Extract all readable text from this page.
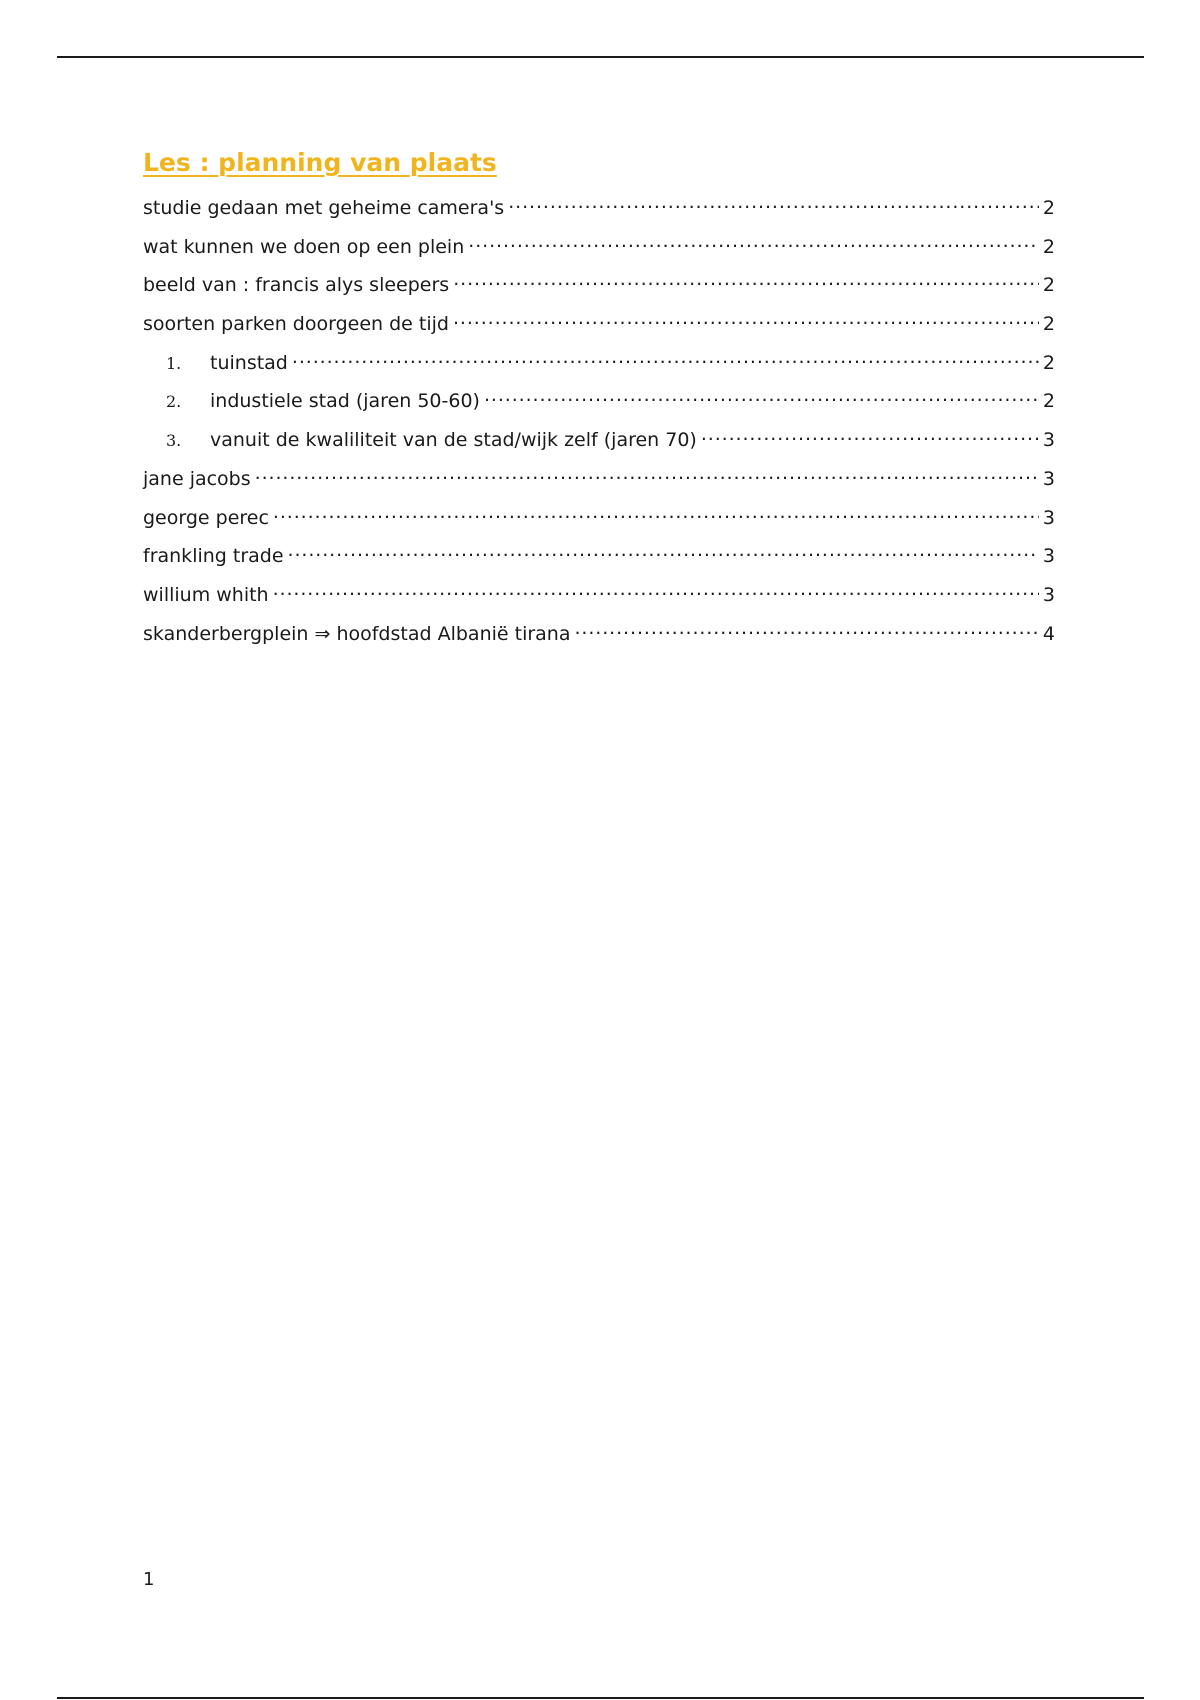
Les : planning van plaats
studie gedaan met geheime camera's .....	2
wat kunnen we doen op een plein .....	2
beeld van : francis alys sleepers .....	2
soorten parken doorgeen de tijd .....	2
1.	tuinstad .....	2
2.	industiele stad (jaren 50-60) .....	2
3.	vanuit de kwaliliteit van de stad/wijk zelf (jaren 70) .....	3
jane jacobs .....	3
george perec .....	3
frankling trade .....	3
willium whith .....	3
skanderbergplein ⇒ hoofdstad Albanië tirana .....	4
1
